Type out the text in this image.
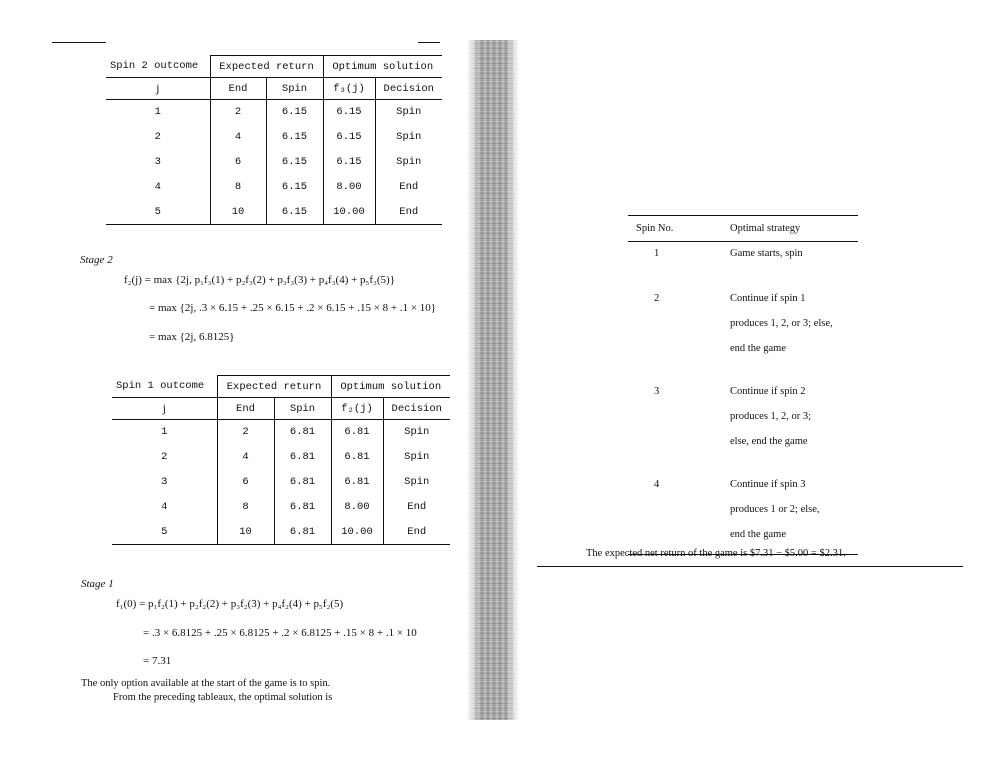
Spin 2 outcome	Expected return		Optimum solution	
j	End	Spin	f₃(j)	Decision
1	2	6.15	6.15	Spin
2	4	6.15	6.15	Spin
3	6	6.15	6.15	Spin
4	8	6.15	8.00	End
5	10	6.15	10.00	End
Stage 2
f₂(j) = max {2j, p₁f₃(1) + p₂f₃(2) + p₃f₃(3) + p₄f₃(4) + p₅f₃(5)}
= max {2j, .3 × 6.15 + .25 × 6.15 + .2 × 6.15 + .15 × 8 + .1 × 10}
= max {2j, 6.8125}
Spin 1 outcome	Expected return		Optimum solution	
j	End	Spin	f₂(j)	Decision
1	2	6.81	6.81	Spin
2	4	6.81	6.81	Spin
3	6	6.81	6.81	Spin
4	8	6.81	8.00	End
5	10	6.81	10.00	End
Stage 1
f₁(0) = p₁f₂(1) + p₂f₂(2) + p₃f₂(3) + p₄f₂(4) + p₅f₂(5)
= .3 × 6.8125 + .25 × 6.8125 + .2 × 6.8125 + .15 × 8 + .1 × 10
= 7.31
The only option available at the start of the game is to spin.
From the preceding tableaux, the optimal solution is
Spin No.	Optimal strategy
1	Game starts, spin

2	Continue if spin 1
produces 1, 2, or 3; else,
end the game

3	Continue if spin 2
produces 1, 2, or 3;
else, end the game

4	Continue if spin 3
produces 1 or 2; else,
end the game
The expected net return of the game is $7.31 − $5.00 = $2.31.
